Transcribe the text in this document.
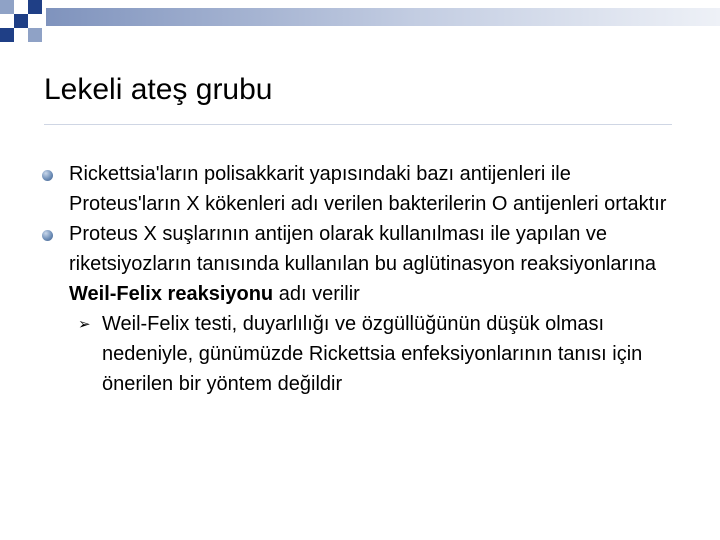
Lekeli ateş grubu
Rickettsia'ların polisakkarit yapısındaki bazı antijenleri ile Proteus'ların X kökenleri adı verilen bakterilerin O antijenleri ortaktır
Proteus X suşlarının antijen olarak kullanılması ile yapılan ve riketsiyozların tanısında kullanılan bu aglütinasyon reaksiyonlarına Weil-Felix reaksiyonu adı verilir
➢ Weil-Felix testi, duyarlılığı ve özgüllüğünün düşük olması nedeniyle, günümüzde Rickettsia enfeksiyonlarının tanısı için önerilen bir yöntem değildir
